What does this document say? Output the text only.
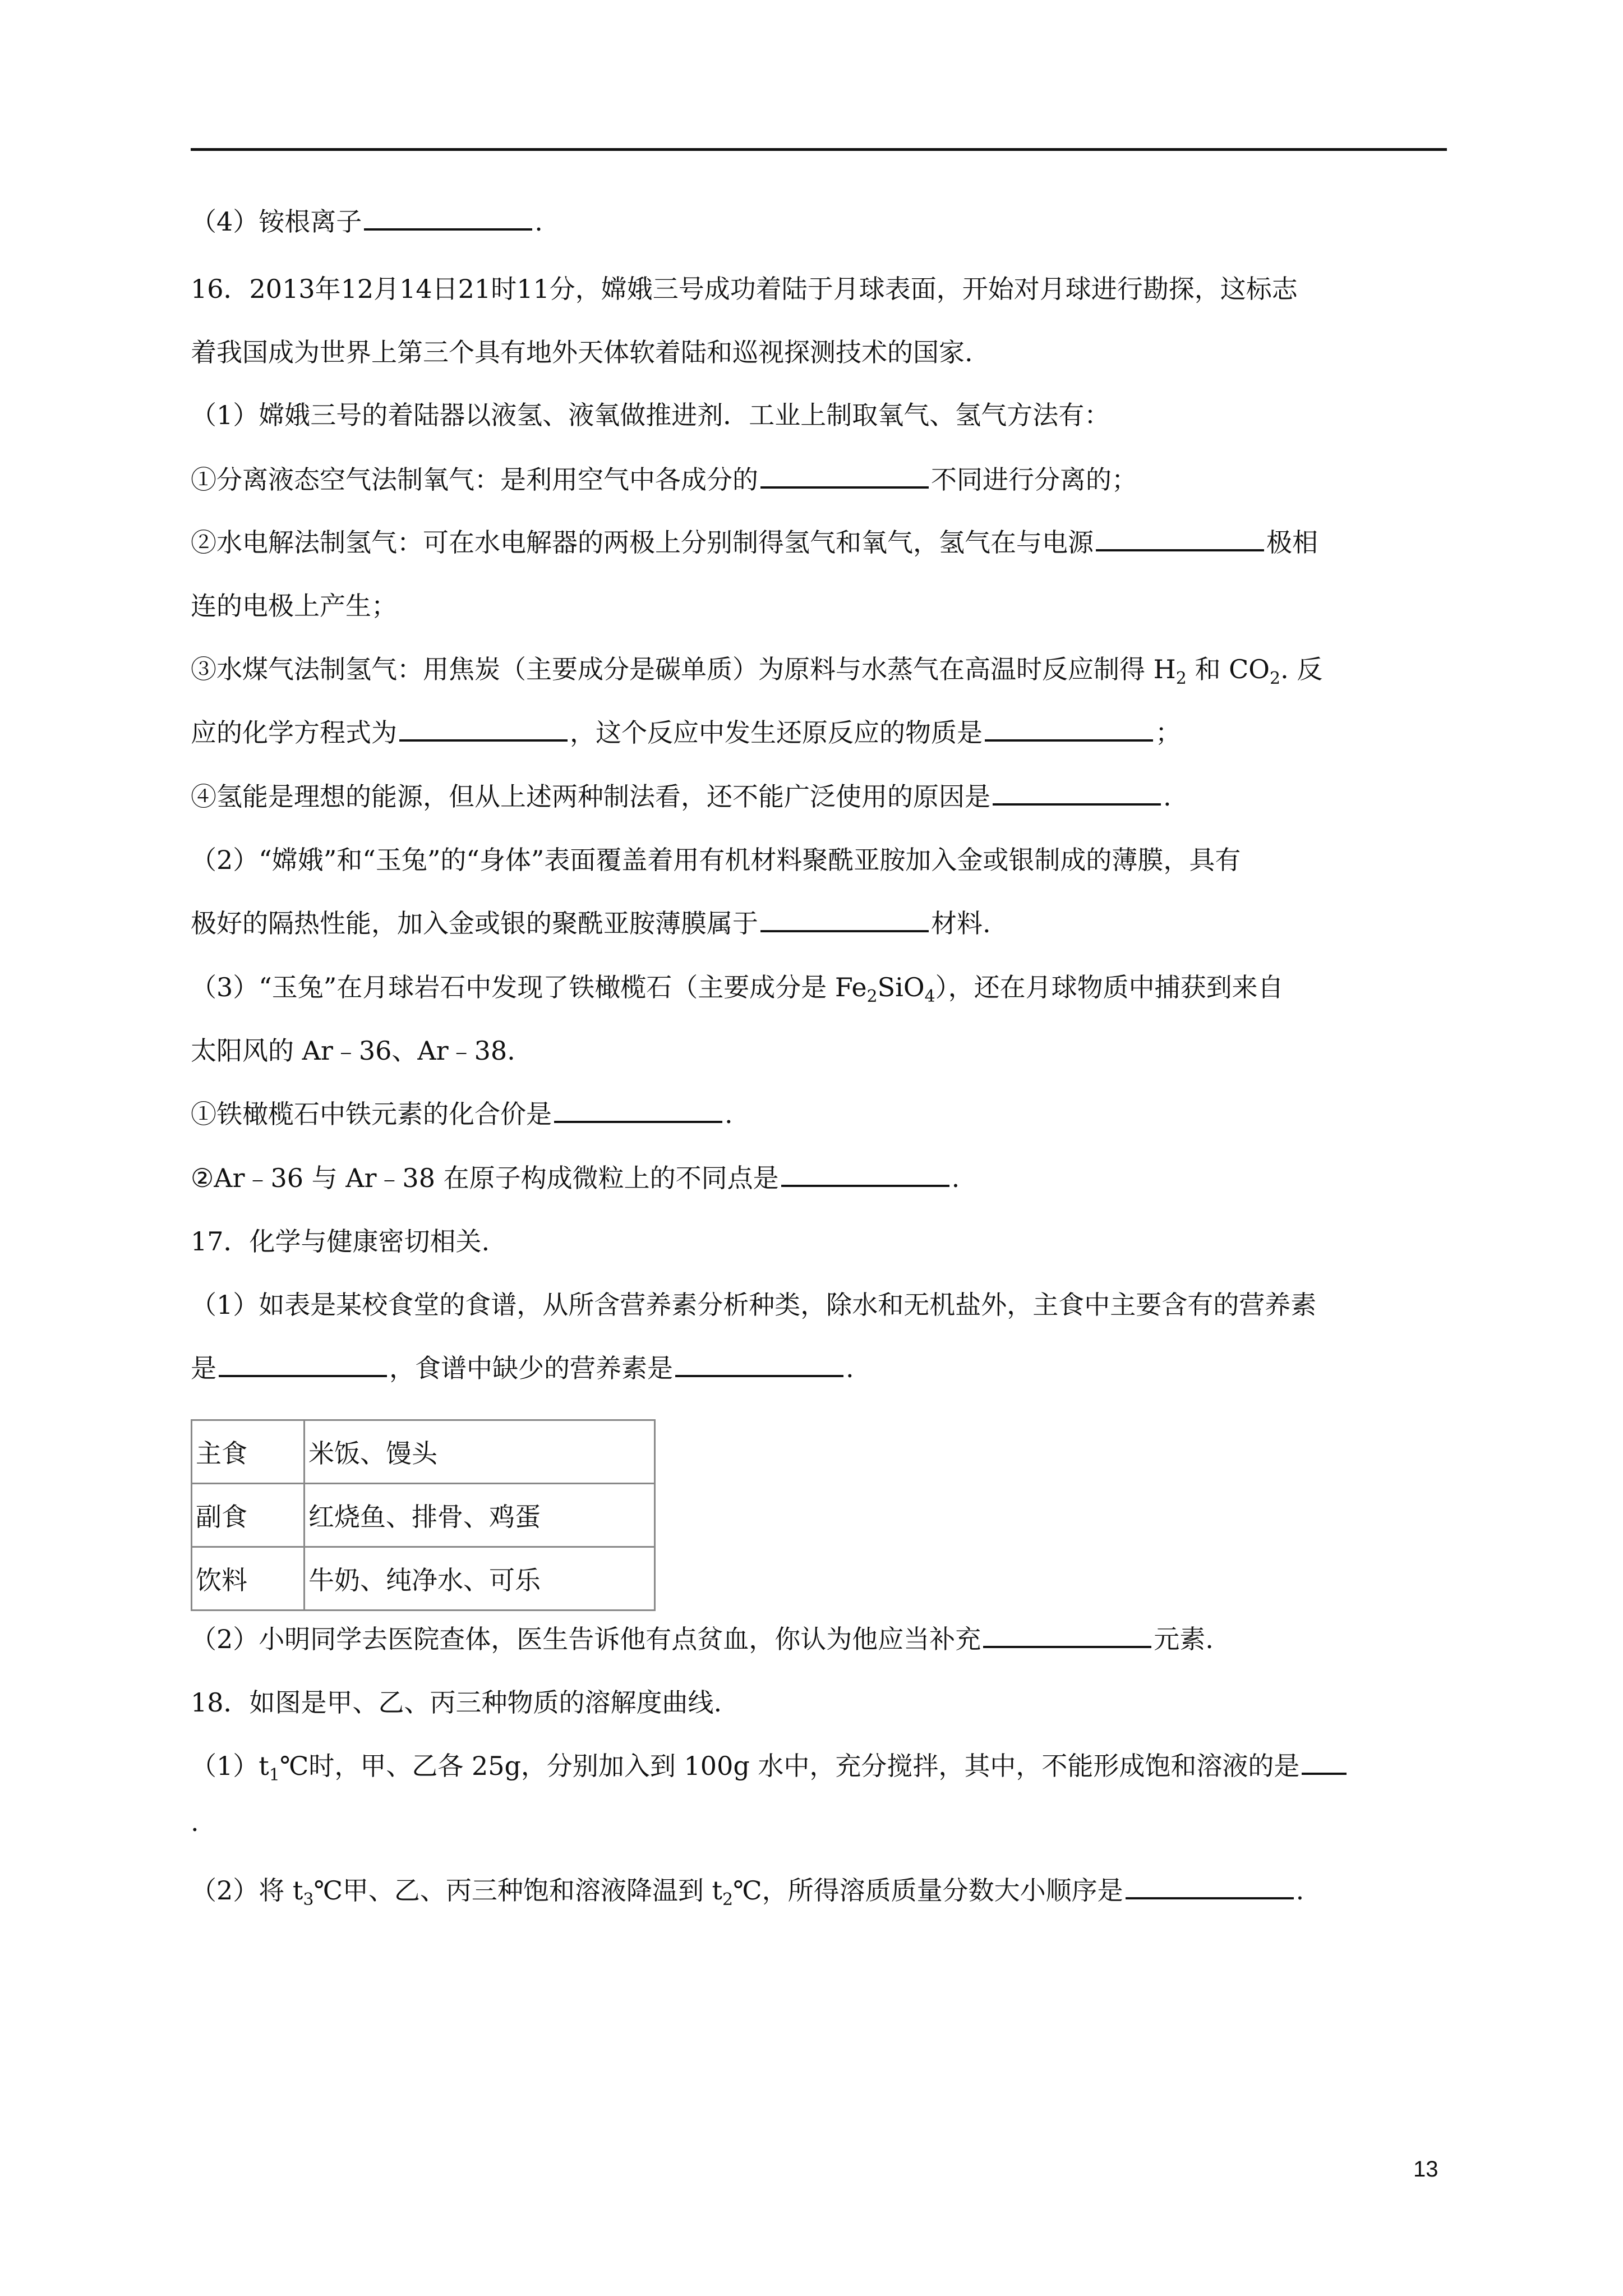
（4）铵根离子	.
16．2013年12月14日21时11分，嫦娥三号成功着陆于月球表面，开始对月球进行勘探，这标志
着我国成为世界上第三个具有地外天体软着陆和巡视探测技术的国家.
（1）嫦娥三号的着陆器以液氢、液氧做推进剂．工业上制取氧气、氢气方法有：
①分离液态空气法制氧气：是利用空气中各成分的	不同进行分离的；
②水电解法制氢气：可在水电解器的两极上分别制得氢气和氧气，氢气在与电源	极相
连的电极上产生；
③水煤气法制氢气：用焦炭（主要成分是碳单质）为原料与水蒸气在高温时反应制得 $H_2$ 和 $CO_2$. 反
应的化学方程式为	，这个反应中发生还原反应的物质是	；
④氢能是理想的能源，但从上述两种制法看，还不能广泛使用的原因是	.
（2）“嫦娥”和“玉兔”的“身体”表面覆盖着用有机材料聚酰亚胺加入金或银制成的薄膜，具有
极好的隔热性能，加入金或银的聚酰亚胺薄膜属于	材料.
（3）“玉兔”在月球岩石中发现了铁橄榄石（主要成分是 $Fe_2SiO_4$），还在月球物质中捕获到来自
太阳风的 Ar﹣36、Ar﹣38.
①铁橄榄石中铁元素的化合价是	.
②Ar﹣36 与 Ar﹣38 在原子构成微粒上的不同点是	.
17．化学与健康密切相关.
（1）如表是某校食堂的食谱，从所含营养素分析种类，除水和无机盐外，主食中主要含有的营养素
是	，食谱中缺少的营养素是	.
主食	米饭、馒头
副食	红烧鱼、排骨、鸡蛋
饮料	牛奶、纯净水、可乐
（2）小明同学去医院查体，医生告诉他有点贫血，你认为他应当补充	元素.
18．如图是甲、乙、丙三种物质的溶解度曲线.
$(1)t_1℃$时，甲、乙各 25g，分别加入到 100g 水中，充分搅拌，其中，不能形成饱和溶液的是
.
（2）将 $t_3℃$甲、乙、丙三种饱和溶液降温到 $t_2℃$，所得溶质质量分数大小顺序是	.
13
